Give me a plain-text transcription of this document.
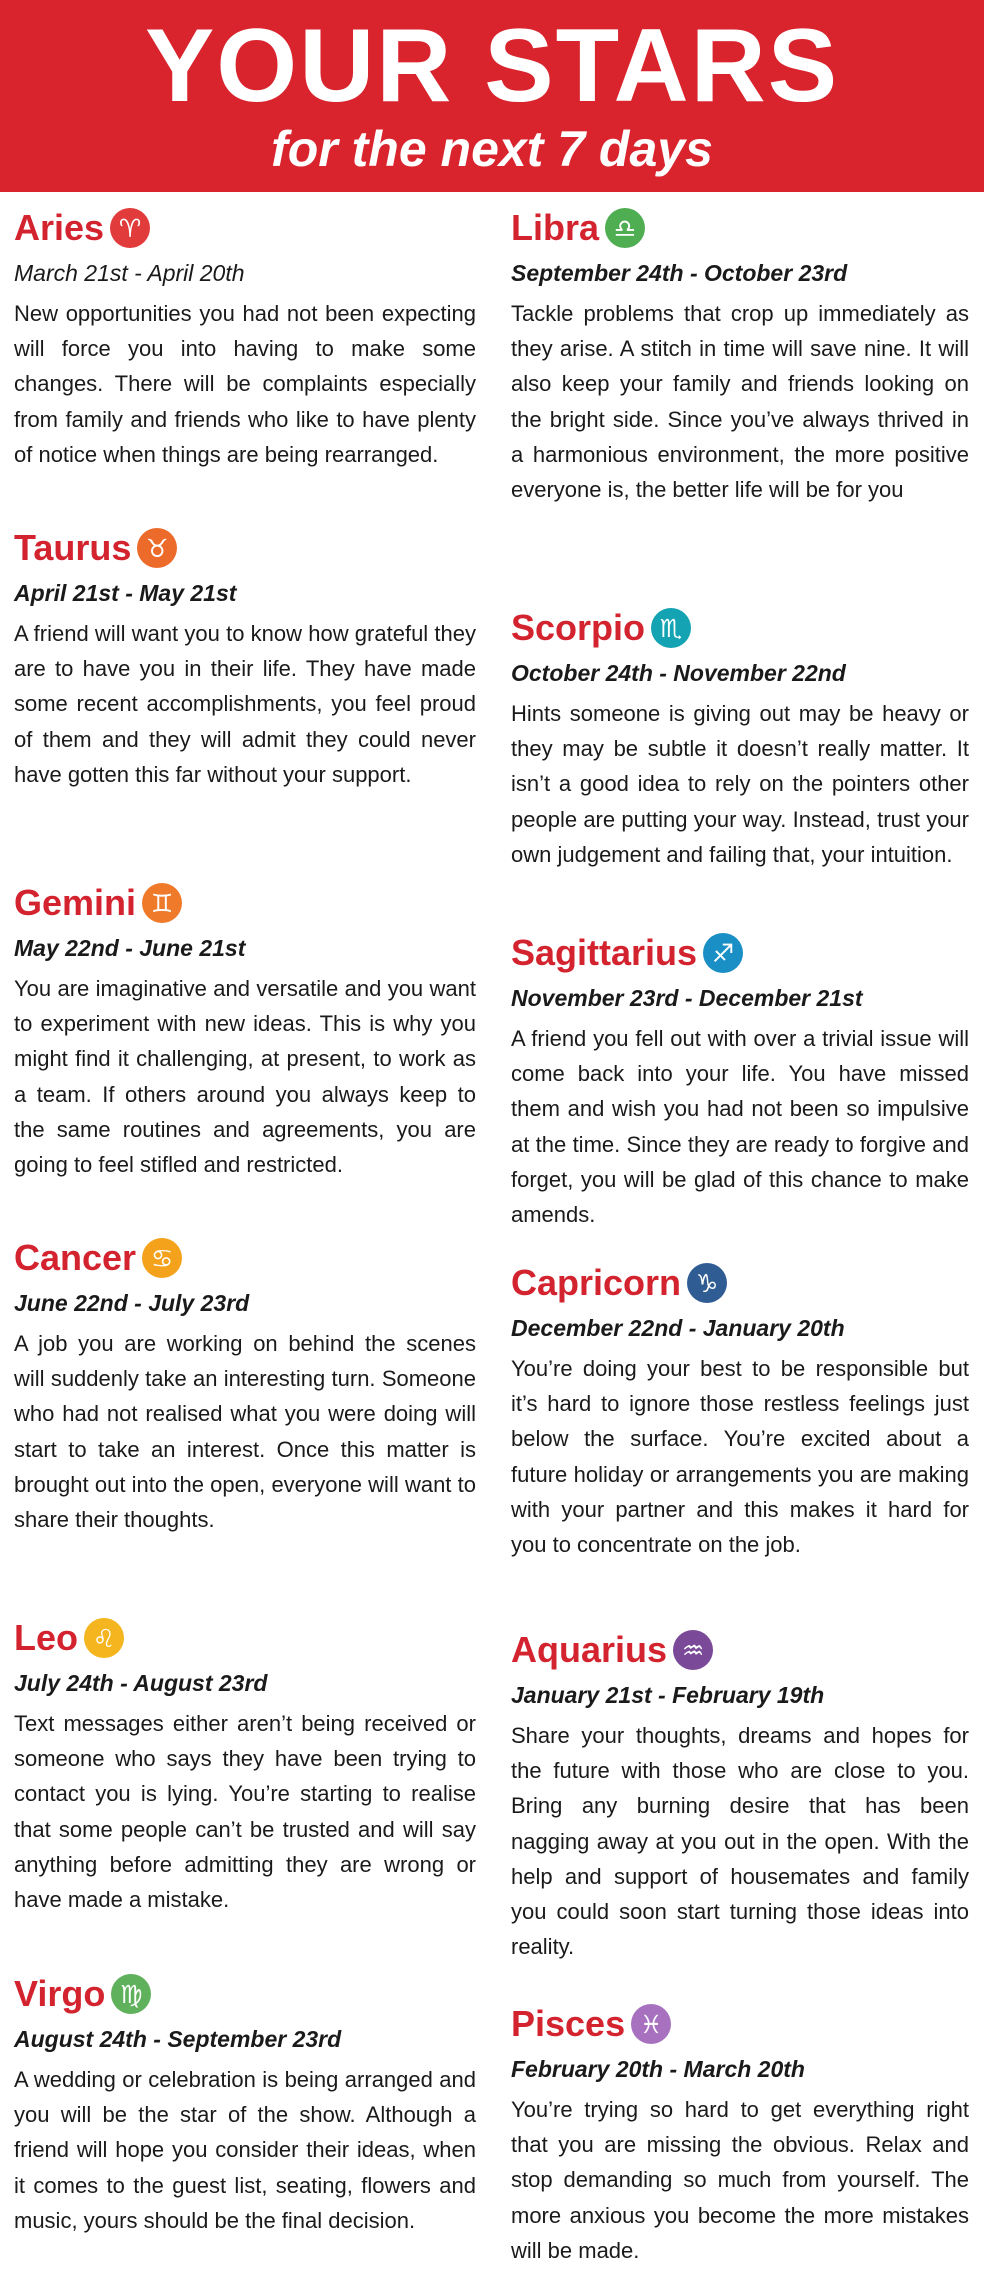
YOUR STARS
for the next 7 days
Aries ♈
March 21st - April 20th
New opportunities you had not been expecting will force you into having to make some changes. There will be complaints especially from family and friends who like to have plenty of notice when things are being rearranged.
Taurus ♉
April 21st - May 21st
A friend will want you to know how grateful they are to have you in their life. They have made some recent accomplishments, you feel proud of them and they will admit they could never have gotten this far without your support.
Gemini ♊
May 22nd - June 21st
You are imaginative and versatile and you want to experiment with new ideas. This is why you might find it challenging, at present, to work as a team. If others around you always keep to the same routines and agreements, you are going to feel stifled and restricted.
Cancer ♋
June 22nd - July 23rd
A job you are working on behind the scenes will suddenly take an interesting turn. Someone who had not realised what you were doing will start to take an interest. Once this matter is brought out into the open, everyone will want to share their thoughts.
Leo ♌
July 24th - August 23rd
Text messages either aren’t being received or someone who says they have been trying to contact you is lying. You’re starting to realise that some people can’t be trusted and will say anything before admitting they are wrong or have made a mistake.
Virgo ♍
August 24th - September 23rd
A wedding or celebration is being arranged and you will be the star of the show. Although a friend will hope you consider their ideas, when it comes to the guest list, seating, flowers and music, yours should be the final decision.
Libra ♎
September 24th - October 23rd
Tackle problems that crop up immediately as they arise. A stitch in time will save nine. It will also keep your family and friends looking on the bright side. Since you’ve always thrived in a harmonious environment, the more positive everyone is, the better life will be for you
Scorpio ♏
October 24th - November 22nd
Hints someone is giving out may be heavy or they may be subtle it doesn’t really matter. It isn’t a good idea to rely on the pointers other people are putting your way. Instead, trust your own judgement and failing that, your intuition.
Sagittarius ♐
November 23rd - December 21st
A friend you fell out with over a trivial issue will come back into your life. You have missed them and wish you had not been so impulsive at the time. Since they are ready to forgive and forget, you will be glad of this chance to make amends.
Capricorn ♑
December 22nd - January 20th
You’re doing your best to be responsible but it’s hard to ignore those restless feelings just below the surface. You’re excited about a future holiday or arrangements you are making with your partner and this makes it hard for you to concentrate on the job.
Aquarius ♒
January 21st - February 19th
Share your thoughts, dreams and hopes for the future with those who are close to you. Bring any burning desire that has been nagging away at you out in the open. With the help and support of housemates and family you could soon start turning those ideas into reality.
Pisces ♓
February 20th - March 20th
You’re trying so hard to get everything right that you are missing the obvious. Relax and stop demanding so much from yourself. The more anxious you become the more mistakes will be made.
